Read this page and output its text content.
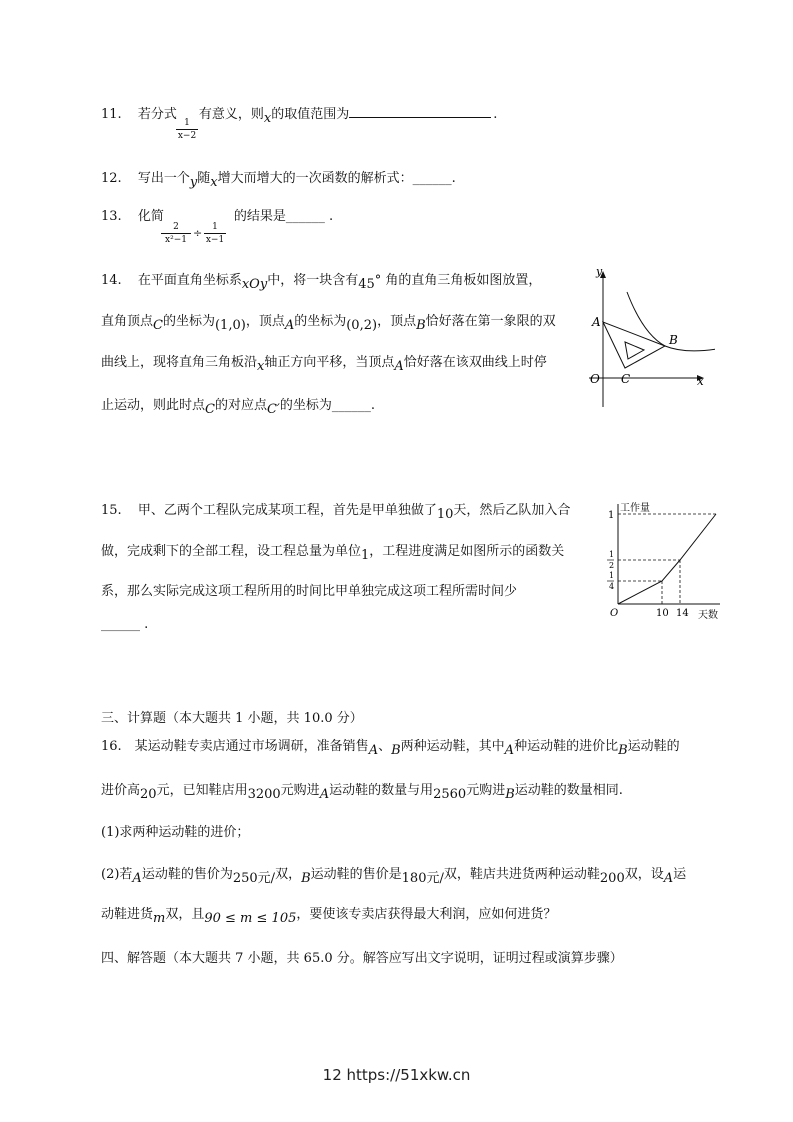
11. 若分式 有意义，则x的取值范围为	.
$\frac{1}{x-2}$
12. 写出一个y随x增大而增大的一次函数的解析式：______.
13. 化简	的结果是______ .
$\frac{2}{\text{x²−1}} \div \frac{1}{x-1}$
14. 在平面直角坐标系xOy中，将一块含有45° 角的直角三角板如图放置，
直角顶点C的坐标为(1,0)，顶点A的坐标为(0,2)，顶点B恰好落在第一象限的双
曲线上，现将直角三角板沿x轴正方向平移，当顶点A恰好落在该双曲线上时停
止运动，则此时点C的对应点C′的坐标为______.
y
x
O
A
B
C
15. 甲、乙两个工程队完成某项工程，首先是甲单独做了10天，然后乙队加入合
做，完成剩下的全部工程，设工程总量为单位1，工程进度满足如图所示的函数关
系，那么实际完成这项工程所用的时间比甲单独完成这项工程所需时间少
______ .
工作量
1
1
2
1
4
O	10 14 天数
三、计算题（本大题共 1 小题，共 10.0 分）
16.　某运动鞋专卖店通过市场调研，准备销售A、B两种运动鞋，其中A种运动鞋的进价比B运动鞋的
进价高20元，已知鞋店用3200元购进A运动鞋的数量与用2560元购进B运动鞋的数量相同.
(1)求两种运动鞋的进价；
(2)若A运动鞋的售价为250元/双，B运动鞋的售价是180元/双，鞋店共进货两种运动鞋200双，设A运
动鞋进货m双，且90 ≤ m ≤ 105，要使该专卖店获得最大利润，应如何进货？
四、解答题（本大题共 7 小题，共 65.0 分。解答应写出文字说明，证明过程或演算步骤）
12 https://51xkw.cn
